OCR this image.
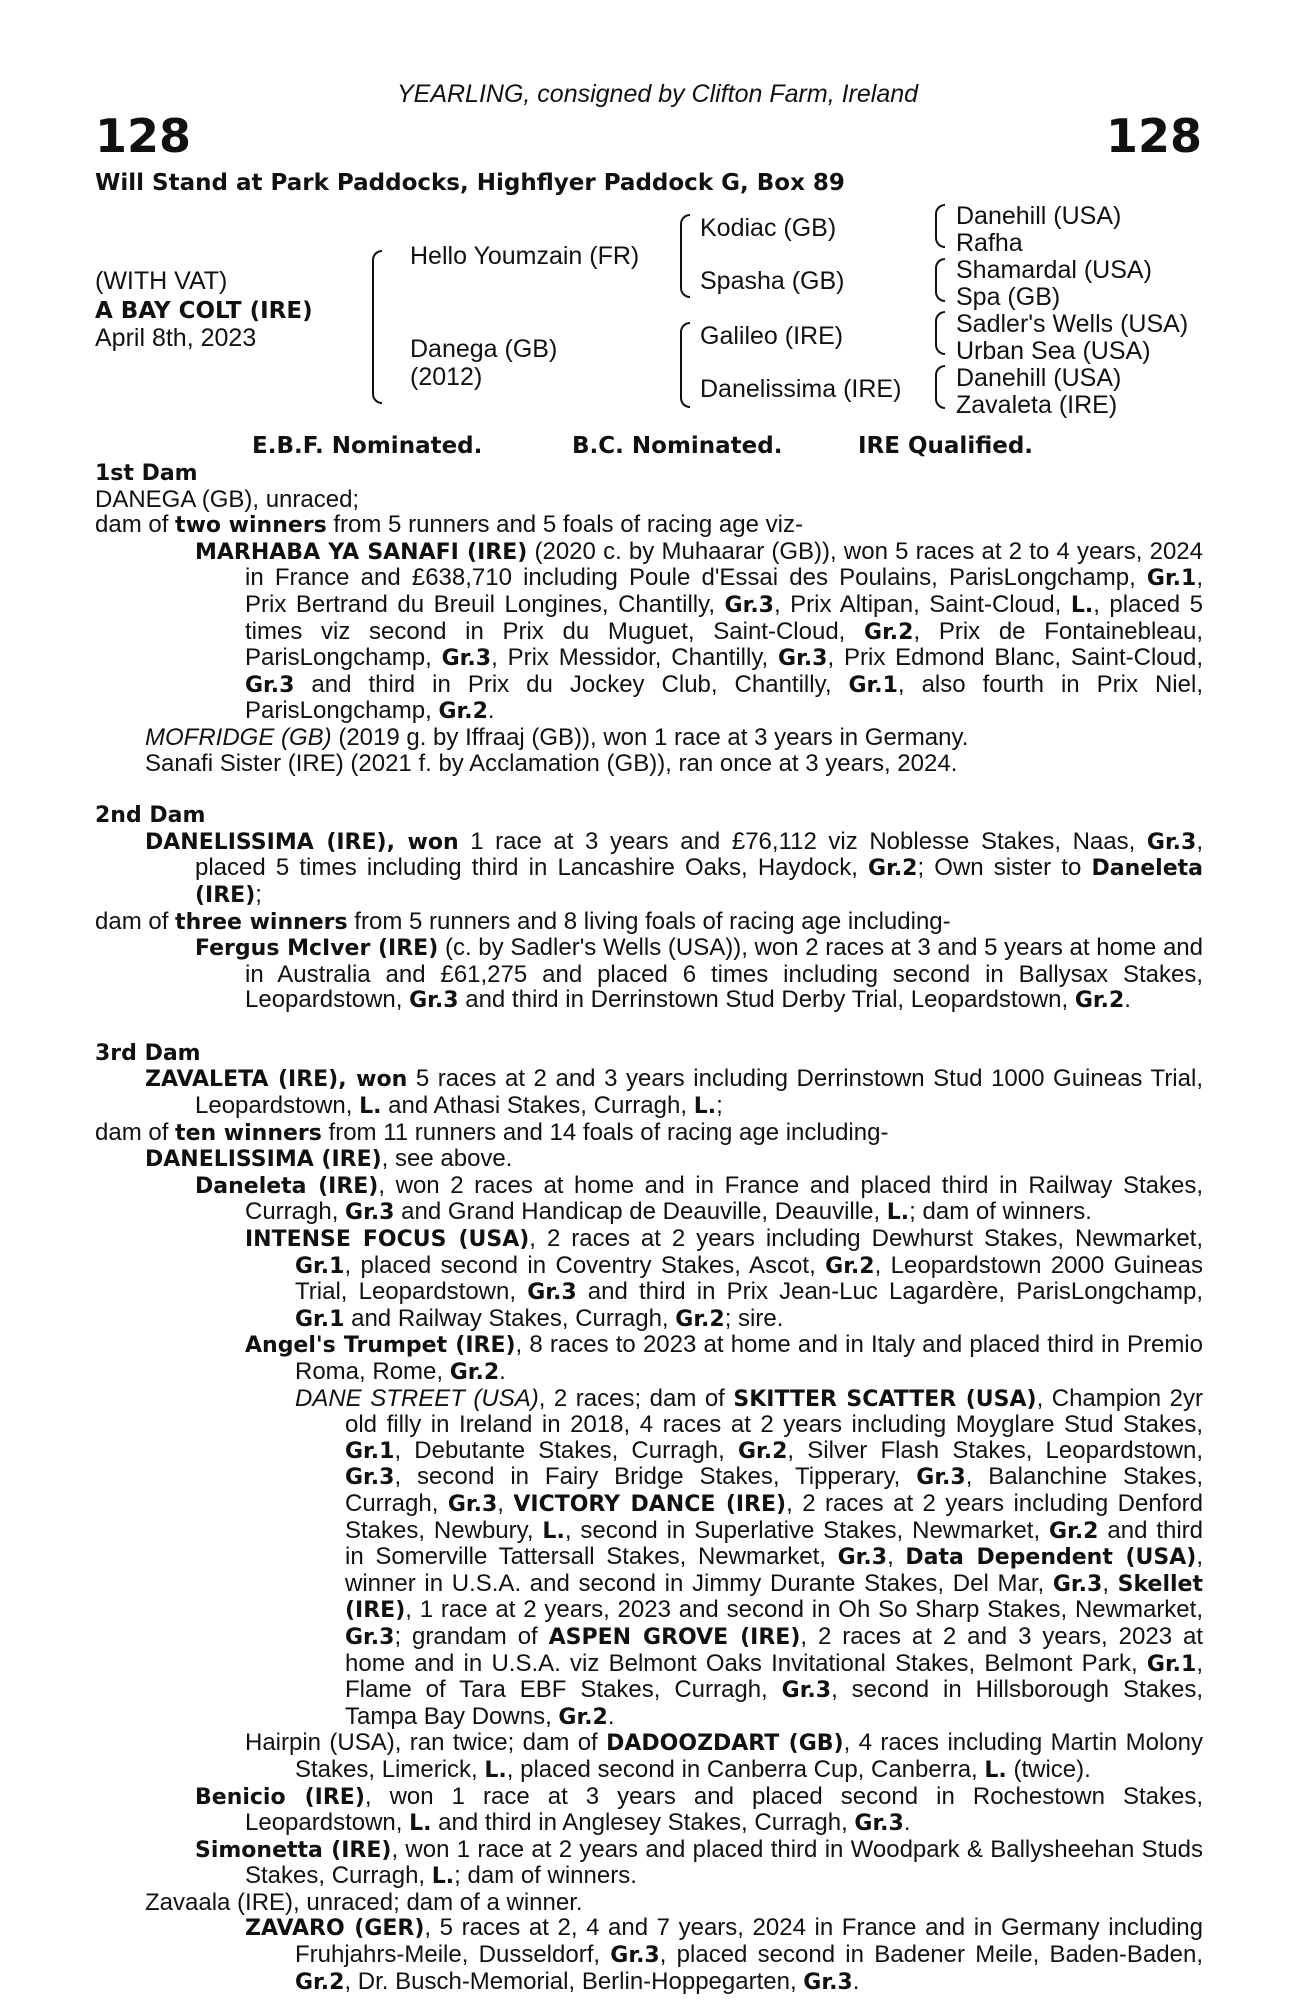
YEARLING, consigned by Clifton Farm, Ireland
128	128
Will Stand at Park Paddocks, Highflyer Paddock G, Box 89
(WITH VAT)
A BAY COLT (IRE)
April 8th, 2023
Hello Youmzain (FR)
Danega (GB)
(2012)
Kodiac (GB)
Spasha (GB)
Galileo (IRE)
Danelissima (IRE)
Danehill (USA)
Rafha
Shamardal (USA)
Spa (GB)
Sadler's Wells (USA)
Urban Sea (USA)
Danehill (USA)
Zavaleta (IRE)
E.B.F. Nominated.	B.C. Nominated.	IRE Qualified.
1st Dam
DANEGA (GB), unraced;
dam of two winners from 5 runners and 5 foals of racing age viz-
MARHABA YA SANAFI (IRE) (2020 c. by Muhaarar (GB)), won 5 races at 2 to 4 years, 2024 in France and £638,710 including Poule d'Essai des Poulains, ParisLongchamp, Gr.1, Prix Bertrand du Breuil Longines, Chantilly, Gr.3, Prix Altipan, Saint-Cloud, L., placed 5 times viz second in Prix du Muguet, Saint-Cloud, Gr.2, Prix de Fontainebleau, ParisLongchamp, Gr.3, Prix Messidor, Chantilly, Gr.3, Prix Edmond Blanc, Saint-Cloud, Gr.3 and third in Prix du Jockey Club, Chantilly, Gr.1, also fourth in Prix Niel, ParisLongchamp, Gr.2.
MOFRIDGE (GB) (2019 g. by Iffraaj (GB)), won 1 race at 3 years in Germany.
Sanafi Sister (IRE) (2021 f. by Acclamation (GB)), ran once at 3 years, 2024.
2nd Dam
DANELISSIMA (IRE), won 1 race at 3 years and £76,112 viz Noblesse Stakes, Naas, Gr.3, placed 5 times including third in Lancashire Oaks, Haydock, Gr.2; Own sister to Daneleta (IRE);
dam of three winners from 5 runners and 8 living foals of racing age including-
Fergus McIver (IRE) (c. by Sadler's Wells (USA)), won 2 races at 3 and 5 years at home and in Australia and £61,275 and placed 6 times including second in Ballysax Stakes, Leopardstown, Gr.3 and third in Derrinstown Stud Derby Trial, Leopardstown, Gr.2.
3rd Dam
ZAVALETA (IRE), won 5 races at 2 and 3 years including Derrinstown Stud 1000 Guineas Trial, Leopardstown, L. and Athasi Stakes, Curragh, L.;
dam of ten winners from 11 runners and 14 foals of racing age including-
DANELISSIMA (IRE), see above.
Daneleta (IRE), won 2 races at home and in France and placed third in Railway Stakes, Curragh, Gr.3 and Grand Handicap de Deauville, Deauville, L.; dam of winners.
INTENSE FOCUS (USA), 2 races at 2 years including Dewhurst Stakes, Newmarket, Gr.1, placed second in Coventry Stakes, Ascot, Gr.2, Leopardstown 2000 Guineas Trial, Leopardstown, Gr.3 and third in Prix Jean-Luc Lagardère, ParisLongchamp, Gr.1 and Railway Stakes, Curragh, Gr.2; sire.
Angel's Trumpet (IRE), 8 races to 2023 at home and in Italy and placed third in Premio Roma, Rome, Gr.2.
DANE STREET (USA), 2 races; dam of SKITTER SCATTER (USA), Champion 2yr old filly in Ireland in 2018, 4 races at 2 years including Moyglare Stud Stakes, Gr.1, Debutante Stakes, Curragh, Gr.2, Silver Flash Stakes, Leopardstown, Gr.3, second in Fairy Bridge Stakes, Tipperary, Gr.3, Balanchine Stakes, Curragh, Gr.3, VICTORY DANCE (IRE), 2 races at 2 years including Denford Stakes, Newbury, L., second in Superlative Stakes, Newmarket, Gr.2 and third in Somerville Tattersall Stakes, Newmarket, Gr.3, Data Dependent (USA), winner in U.S.A. and second in Jimmy Durante Stakes, Del Mar, Gr.3, Skellet (IRE), 1 race at 2 years, 2023 and second in Oh So Sharp Stakes, Newmarket, Gr.3; grandam of ASPEN GROVE (IRE), 2 races at 2 and 3 years, 2023 at home and in U.S.A. viz Belmont Oaks Invitational Stakes, Belmont Park, Gr.1, Flame of Tara EBF Stakes, Curragh, Gr.3, second in Hillsborough Stakes, Tampa Bay Downs, Gr.2.
Hairpin (USA), ran twice; dam of DADOOZDART (GB), 4 races including Martin Molony Stakes, Limerick, L., placed second in Canberra Cup, Canberra, L. (twice).
Benicio (IRE), won 1 race at 3 years and placed second in Rochestown Stakes, Leopardstown, L. and third in Anglesey Stakes, Curragh, Gr.3.
Simonetta (IRE), won 1 race at 2 years and placed third in Woodpark & Ballysheehan Studs Stakes, Curragh, L.; dam of winners.
Zavaala (IRE), unraced; dam of a winner.
ZAVARO (GER), 5 races at 2, 4 and 7 years, 2024 in France and in Germany including Fruhjahrs-Meile, Dusseldorf, Gr.3, placed second in Badener Meile, Baden-Baden, Gr.2, Dr. Busch-Memorial, Berlin-Hoppegarten, Gr.3.
